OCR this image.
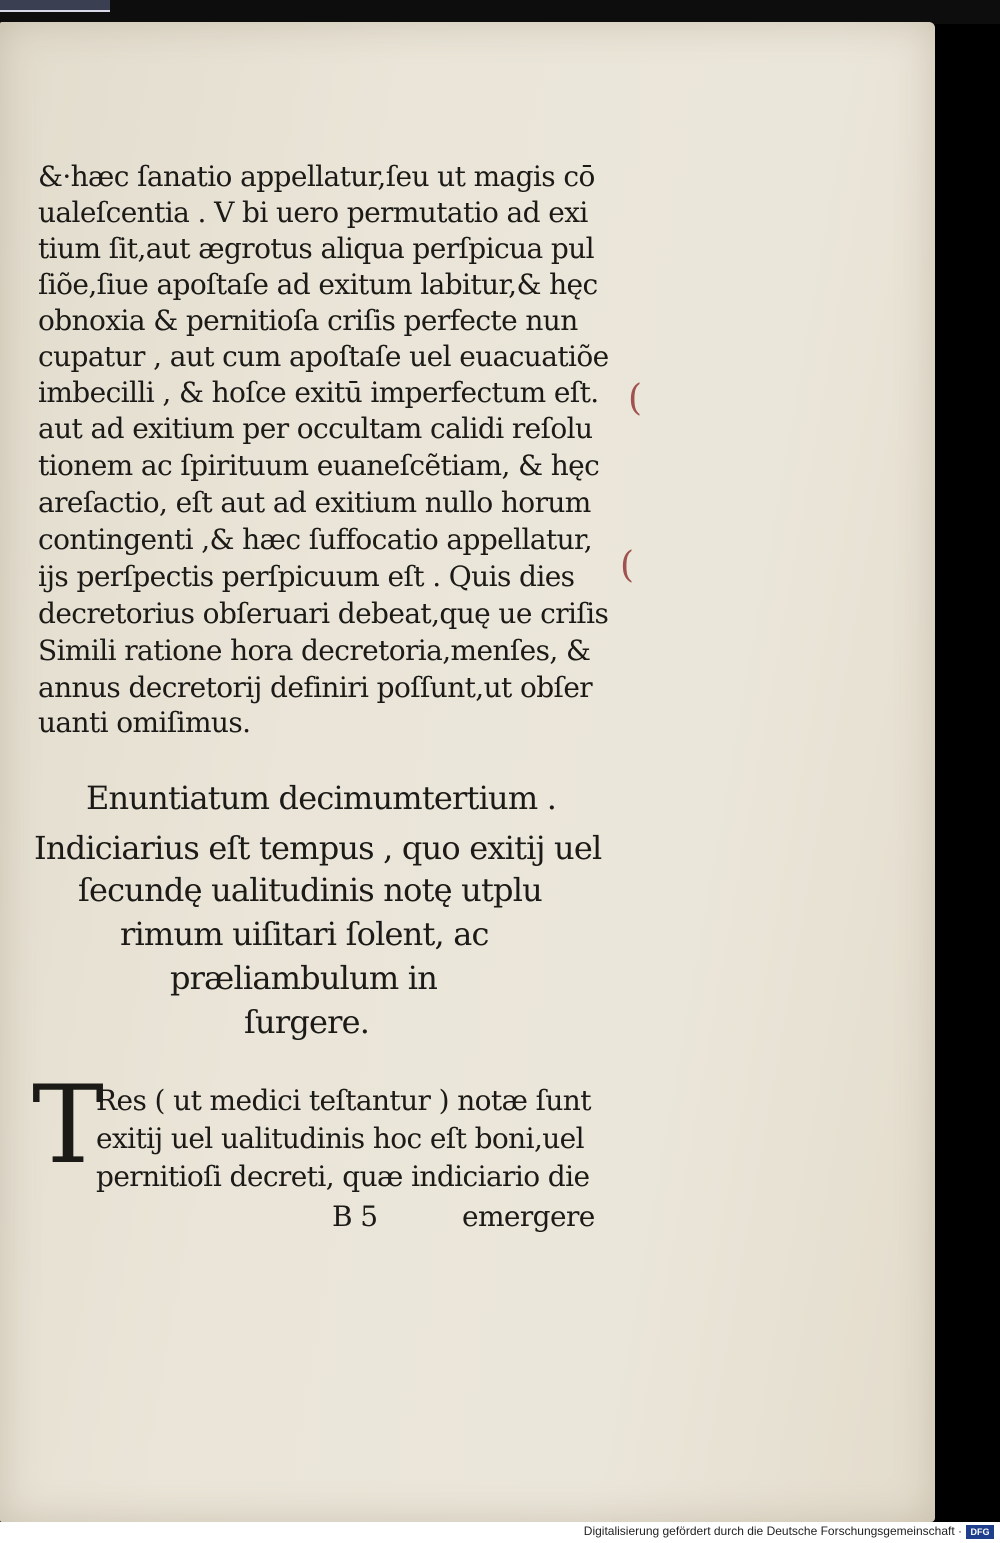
&·hæc ſanatio appellatur,ſeu ut magis cō
ualeſcentia . V bi uero permutatio ad exi
tium ſit,aut ægrotus aliqua perſpicua pul
ſiõe,ſiue apoſtaſe ad exitum labitur,& hęc
obnoxia & pernitioſa criſis perfecte nun
cupatur , aut cum apoſtaſe uel euacuatiõe
imbecilli , & hoſce exitū imperfectum eſt.
aut ad exitium per occultam calidi reſolu
tionem ac ſpirituum euaneſcẽtiam, & hęc
areſactio, eſt aut ad exitium nullo horum
contingenti ,& hæc ſuffocatio appellatur,
ijs perſpectis perſpicuum eſt . Quis dies
decretorius obſeruari debeat,quę ue criſis
Simili ratione hora decretoria,menſes, &
annus decretorij definiri poſſunt,ut obſer
uanti omiſimus.
(
(
Enuntiatum decimumtertium .
Indiciarius eſt tempus , quo exitij uel
ſecundę ualitudinis notę utplu
rimum uiſitari ſolent, ac
præliambulum in
ſurgere.
T
Res ( ut medici teſtantur ) notæ ſunt
exitij uel ualitudinis hoc eſt boni,uel
pernitioſi decreti, quæ indiciario die
B 5	emergere
Digitalisierung gefördert durch die Deutsche Forschungsgemeinschaft · DFG
